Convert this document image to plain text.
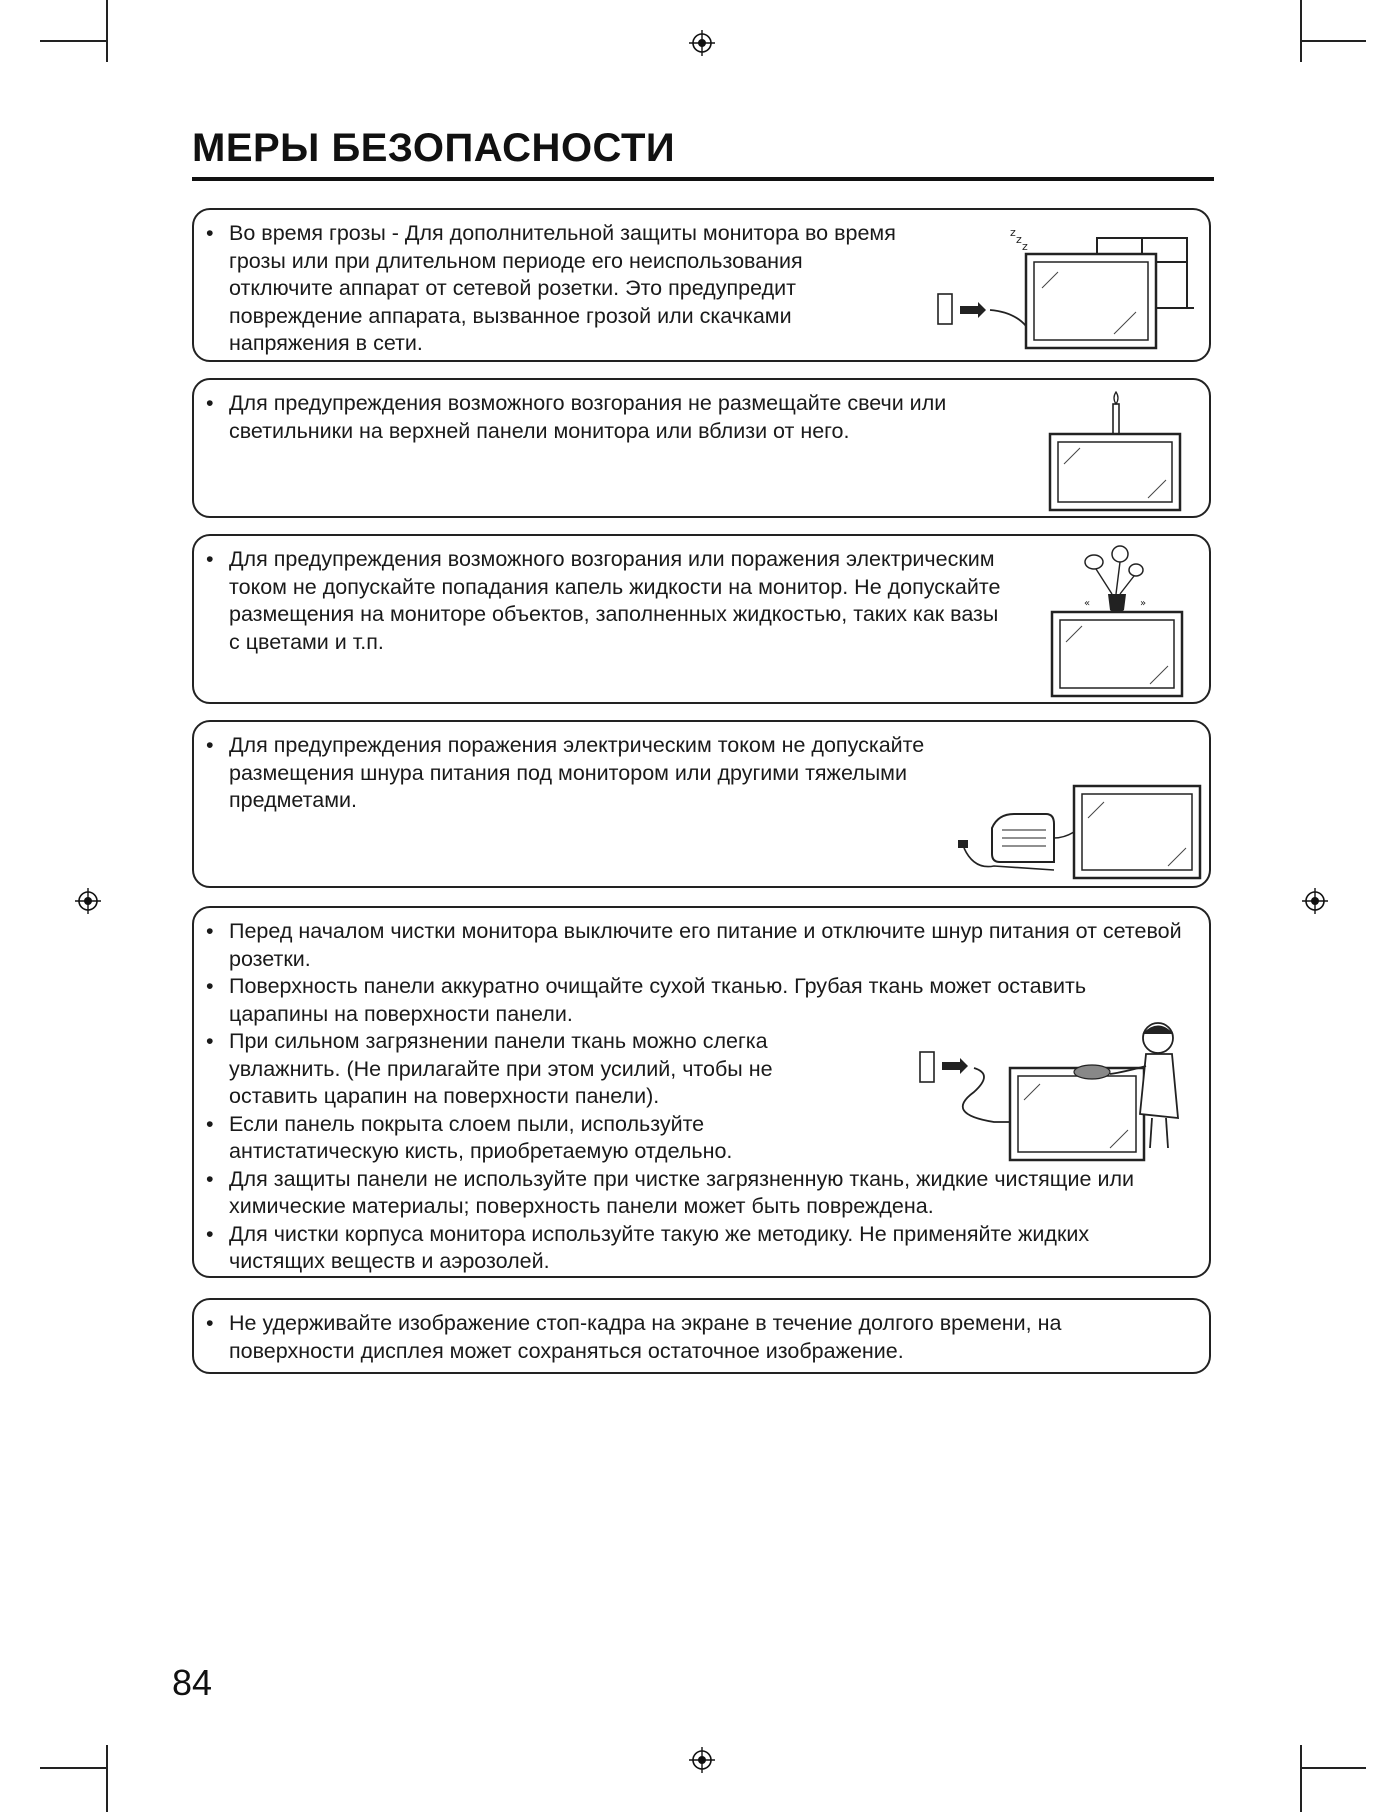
МЕРЫ БЕЗОПАСНОСТИ
• Во время грозы - Для дополнительной защиты монитора во время грозы или при длительном периоде его неиспользования отключите аппарат от сетевой розетки. Это предупредит повреждение аппарата, вызванное грозой или скачками напряжения в сети.
z
z
z
• Для предупреждения возможного возгорания не размещайте свечи или светильники на верхней панели монитора или вблизи от него.
• Для предупреждения возможного возгорания или поражения электрическим током не допускайте попадания капель жидкости на монитор. Не допускайте размещения на мониторе объектов, заполненных жидкостью, таких как вазы с цветами и т.п.
«	»
• Для предупреждения поражения электрическим током не допускайте размещения шнура питания под монитором или другими тяжелыми предметами.
• Перед началом чистки монитора выключите его питание и отключите шнур питания от сетевой розетки.
• Поверхность панели аккуратно очищайте сухой тканью. Грубая ткань может оставить царапины на поверхности панели.
• При сильном загрязнении панели ткань можно слегка увлажнить. (Не прилагайте при этом усилий, чтобы не оставить царапин на поверхности панели).
• Если панель покрыта слоем пыли, используйте антистатическую кисть, приобретаемую отдельно.
• Для защиты панели не используйте при чистке загрязненную ткань, жидкие чистящие или химические материалы; поверхность панели может быть повреждена.
• Для чистки корпуса монитора используйте такую же методику. Не применяйте жидких чистящих веществ и аэрозолей.
• Не удерживайте изображение стоп-кадра на экране в течение долгого времени, на поверхности дисплея может сохраняться остаточное изображение.
84
